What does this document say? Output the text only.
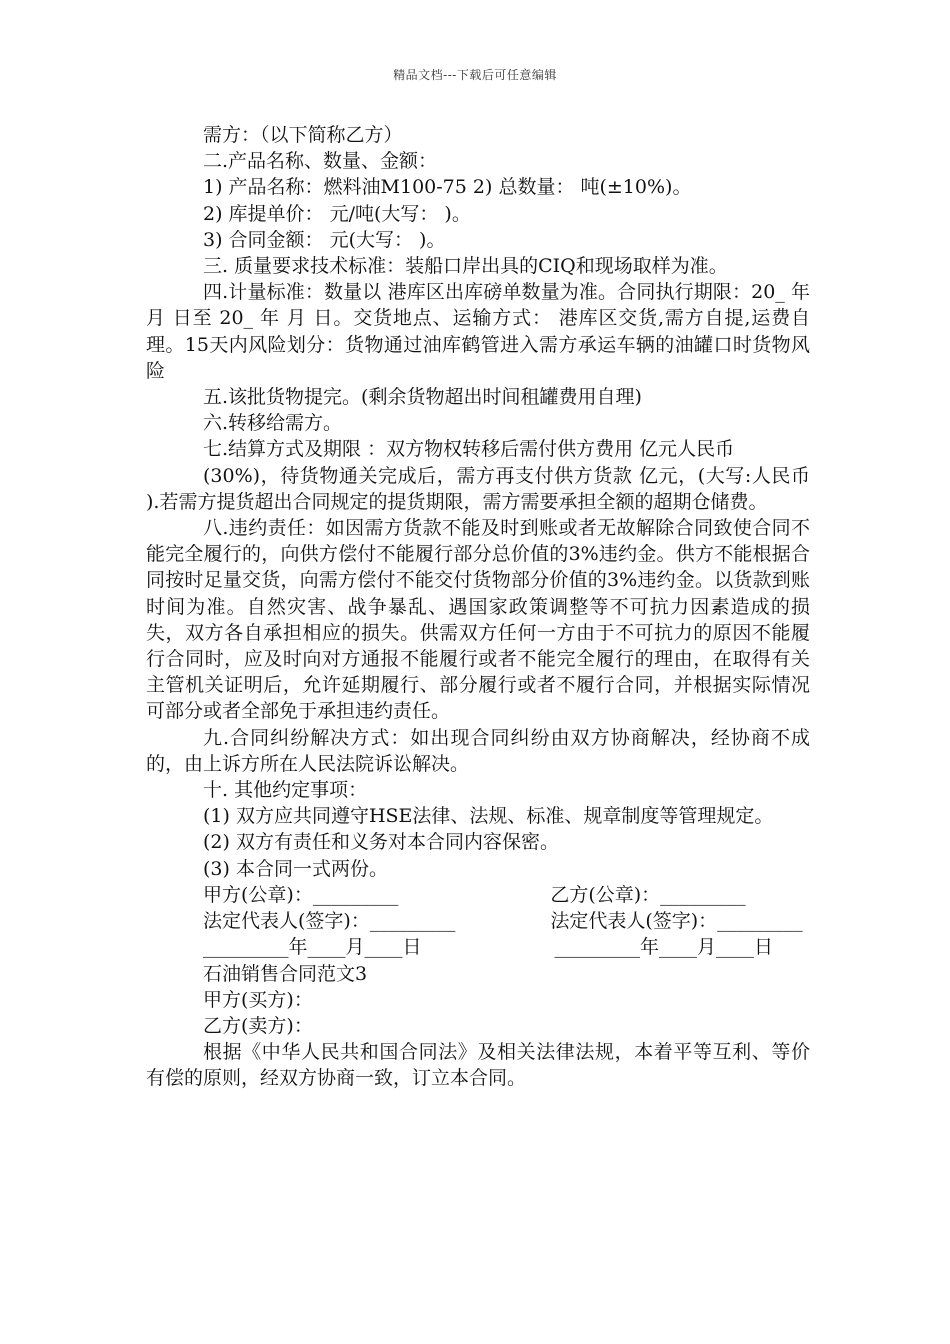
精品文档---下载后可任意编辑

需方：（以下简称乙方）

二.产品名称、数量、金额：

1) 产品名称：燃料油M100-75 2) 总数量： 吨(±10%)。

2) 库提单价： 元/吨(大写： )。

3) 合同金额： 元(大写： )。

三. 质量要求技术标准：装船口岸出具的CIQ和现场取样为准。

四.计量标准：数量以 港库区出库磅单数量为准。合同执行期限：20_ 年 月 日至 20_ 年 月 日。交货地点、运输方式： 港库区交货,需方自提,运费自理。15天内风险划分：货物通过油库鹤管进入需方承运车辆的油罐口时货物风险

五.该批货物提完。(剩余货物超出时间租罐费用自理)

六.转移给需方。

七.结算方式及期限 ：双方物权转移后需付供方费用 亿元人民币

(30%)，待货物通关完成后，需方再支付供方货款 亿元，(大写:人民币 ).若需方提货超出合同规定的提货期限，需方需要承担全额的超期仓储费。

八.违约责任：如因需方货款不能及时到账或者无故解除合同致使合同不能完全履行的，向供方偿付不能履行部分总价值的3%违约金。供方不能根据合同按时足量交货，向需方偿付不能交付货物部分价值的3%违约金。以货款到账时间为准。自然灾害、战争暴乱、遇国家政策调整等不可抗力因素造成的损失，双方各自承担相应的损失。供需双方任何一方由于不可抗力的原因不能履行合同时，应及时向对方通报不能履行或者不能完全履行的理由，在取得有关主管机关证明后，允许延期履行、部分履行或者不履行合同，并根据实际情况可部分或者全部免于承担违约责任。

九.合同纠纷解决方式：如出现合同纠纷由双方协商解决，经协商不成的，由上诉方所在人民法院诉讼解决。

十. 其他约定事项：

(1) 双方应共同遵守HSE法律、法规、标准、规章制度等管理规定。

(2) 双方有责任和义务对本合同内容保密。

(3) 本合同一式两份。

甲方(公章)：_________　　　　　　　　乙方(公章)：_________

法定代表人(签字)：_________　　　　　法定代表人(签字)：_________

_________年____月____日　　　　　　　_________年____月____日

石油销售合同范文3

甲方(买方)：

乙方(卖方)：

根据《中华人民共和国合同法》及相关法律法规，本着平等互利、等价有偿的原则，经双方协商一致，订立本合同。
